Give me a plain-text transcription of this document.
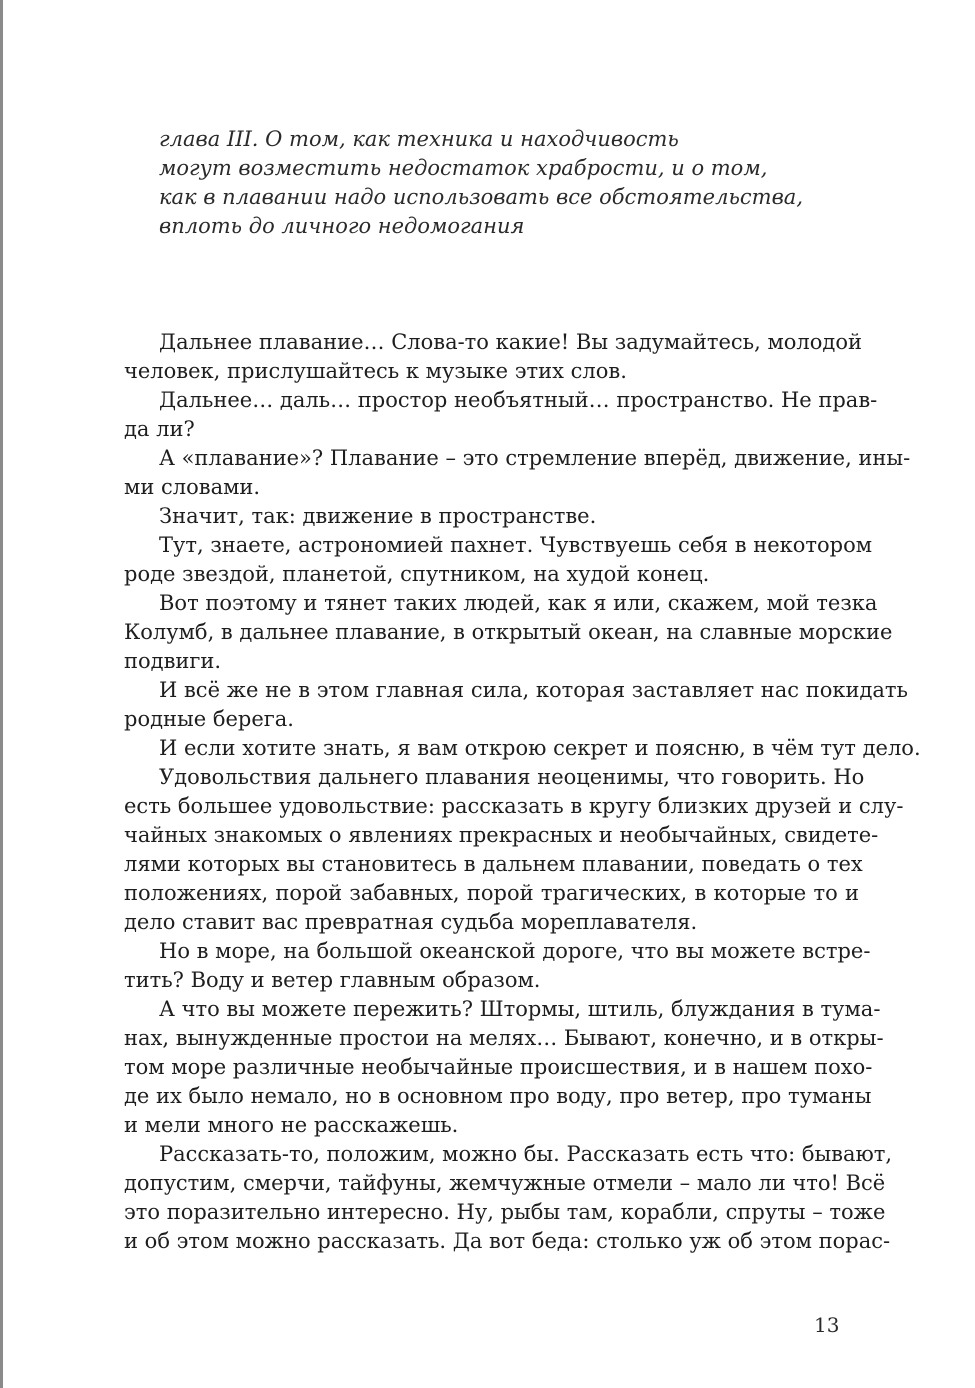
глава III. О том, как техника и находчивость
могут возместить недостаток храбрости, и о том,
как в плавании надо использовать все обстоятельства,
вплоть до личного недомогания
Дальнее плавание… Слова-то какие! Вы задумайтесь, молодой
человек, прислушайтесь к музыке этих слов.
Дальнее… даль… простор необъятный… пространство. Не прав-
да ли?
А «плавание»? Плавание – это стремление вперёд, движение, ины-
ми словами.
Значит, так: движение в пространстве.
Тут, знаете, астрономией пахнет. Чувствуешь себя в некотором
роде звездой, планетой, спутником, на худой конец.
Вот поэтому и тянет таких людей, как я или, скажем, мой тезка
Колумб, в дальнее плавание, в открытый океан, на славные морские
подвиги.
И всё же не в этом главная сила, которая заставляет нас покидать
родные берега.
И если хотите знать, я вам открою секрет и поясню, в чём тут дело.
Удовольствия дальнего плавания неоценимы, что говорить. Но
есть большее удовольствие: рассказать в кругу близких друзей и слу-
чайных знакомых о явлениях прекрасных и необычайных, свидете-
лями которых вы становитесь в дальнем плавании, поведать о тех
положениях, порой забавных, порой трагических, в которые то и
дело ставит вас превратная судьба мореплавателя.
Но в море, на большой океанской дороге, что вы можете встре-
тить? Воду и ветер главным образом.
А что вы можете пережить? Штормы, штиль, блуждания в тума-
нах, вынужденные простои на мелях… Бывают, конечно, и в откры-
том море различные необычайные происшествия, и в нашем похо-
де их было немало, но в основном про воду, про ветер, про туманы
и мели много не расскажешь.
Рассказать-то, положим, можно бы. Рассказать есть что: бывают,
допустим, смерчи, тайфуны, жемчужные отмели – мало ли что! Всё
это поразительно интересно. Ну, рыбы там, корабли, спруты – тоже
и об этом можно рассказать. Да вот беда: столько уж об этом порас-
13
